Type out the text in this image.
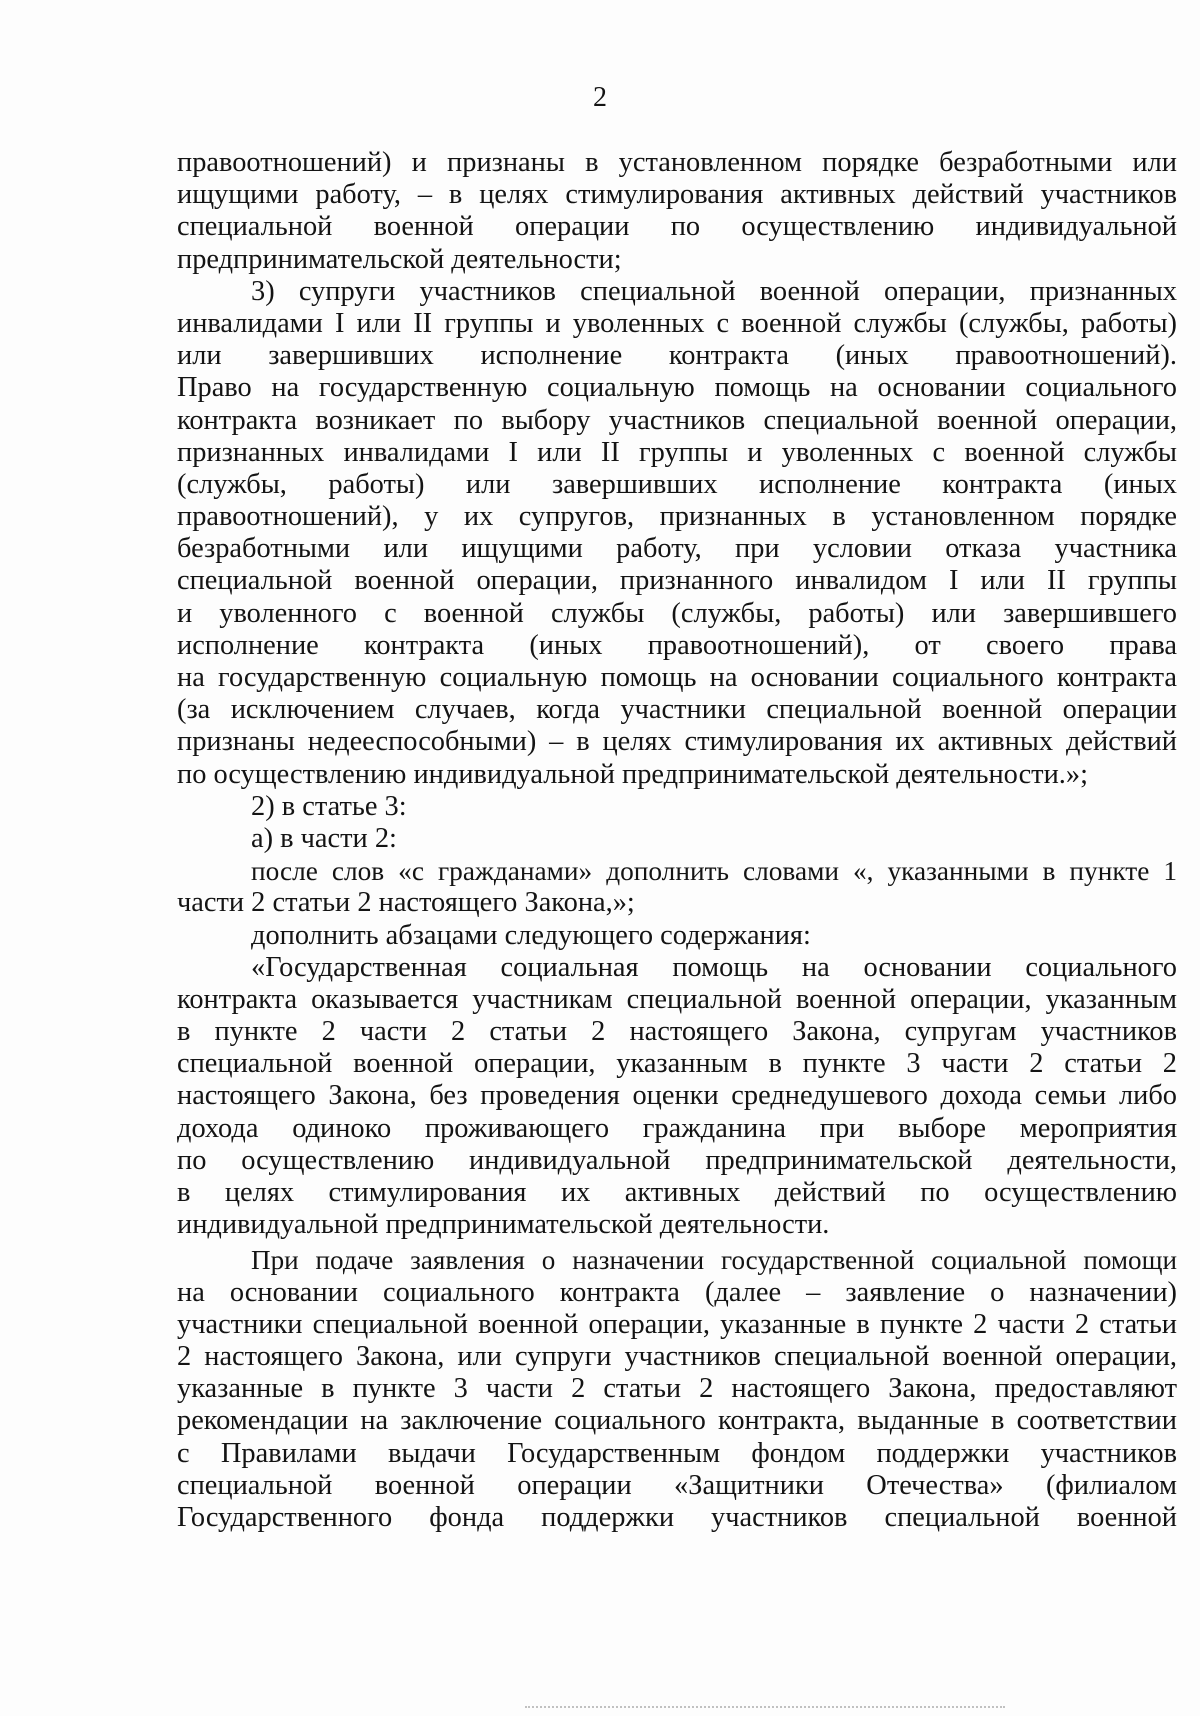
2
правоотношений) и признаны в установленном порядке безработными или
ищущими работу, – в целях стимулирования активных действий участников
специальной военной операции по осуществлению индивидуальной
предпринимательской деятельности;
3) супруги участников специальной военной операции, признанных
инвалидами I или II группы и уволенных с военной службы (службы, работы)
или завершивших исполнение контракта (иных правоотношений).
Право на государственную социальную помощь на основании социального
контракта возникает по выбору участников специальной военной операции,
признанных инвалидами I или II группы и уволенных с военной службы
(службы, работы) или завершивших исполнение контракта (иных
правоотношений), у их супругов, признанных в установленном порядке
безработными или ищущими работу, при условии отказа участника
специальной военной операции, признанного инвалидом I или II группы
и уволенного с военной службы (службы, работы) или завершившего
исполнение контракта (иных правоотношений), от своего права
на государственную социальную помощь на основании социального контракта
(за исключением случаев, когда участники специальной военной операции
признаны недееспособными) – в целях стимулирования их активных действий
по осуществлению индивидуальной предпринимательской деятельности.»;
2) в статье 3:
а) в части 2:
после слов «с гражданами» дополнить словами «, указанными в пункте 1
части 2 статьи 2 настоящего Закона,»;
дополнить абзацами следующего содержания:
«Государственная социальная помощь на основании социального
контракта оказывается участникам специальной военной операции, указанным
в пункте 2 части 2 статьи 2 настоящего Закона, супругам участников
специальной военной операции, указанным в пункте 3 части 2 статьи 2
настоящего Закона, без проведения оценки среднедушевого дохода семьи либо
дохода одиноко проживающего гражданина при выборе мероприятия
по осуществлению индивидуальной предпринимательской деятельности,
в целях стимулирования их активных действий по осуществлению
индивидуальной предпринимательской деятельности.
При подаче заявления о назначении государственной социальной помощи
на основании социального контракта (далее – заявление о назначении)
участники специальной военной операции, указанные в пункте 2 части 2 статьи
2 настоящего Закона, или супруги участников специальной военной операции,
указанные в пункте 3 части 2 статьи 2 настоящего Закона, предоставляют
рекомендации на заключение социального контракта, выданные в соответствии
с Правилами выдачи Государственным фондом поддержки участников
специальной военной операции «Защитники Отечества» (филиалом
Государственного фонда поддержки участников специальной военной
